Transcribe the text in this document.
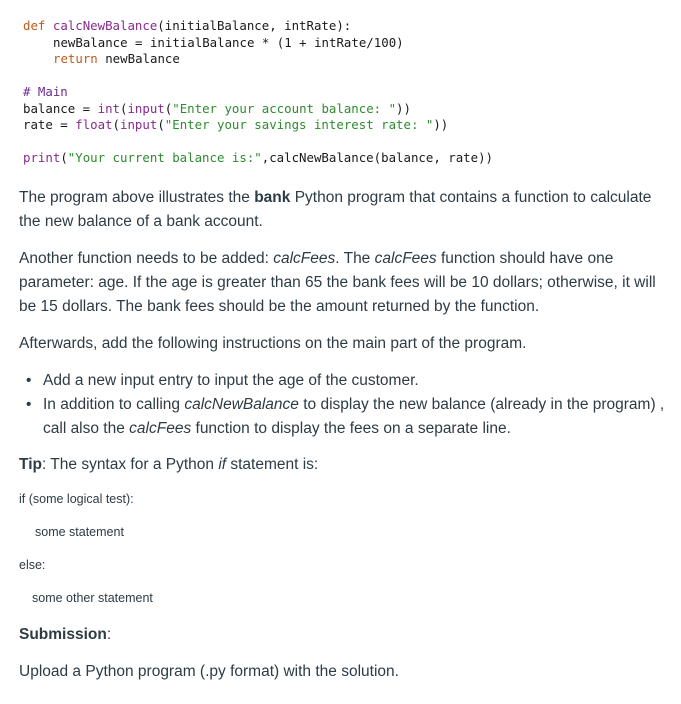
def calcNewBalance(initialBalance, intRate):
newBalance = initialBalance * (1 + intRate/100)
return newBalance
# Main
balance = int(input("Enter your account balance: "))
rate = float(input("Enter your savings interest rate: "))
print("Your current balance is:",calcNewBalance(balance, rate))

The program above illustrates the bank Python program that contains a function to calculate the new balance of a bank account.

Another function needs to be added: calcFees. The calcFees function should have one parameter: age. If the age is greater than 65 the bank fees will be 10 dollars; otherwise, it will be 15 dollars. The bank fees should be the amount returned by the function.

Afterwards, add the following instructions on the main part of the program.

• Add a new input entry to input the age of the customer.
• In addition to calling calcNewBalance to display the new balance (already in the program) , call also the calcFees function to display the fees on a separate line.

Tip: The syntax for a Python if statement is:

if (some logical test):

some statement

else:

some other statement

Submission:

Upload a Python program (.py format) with the solution.
